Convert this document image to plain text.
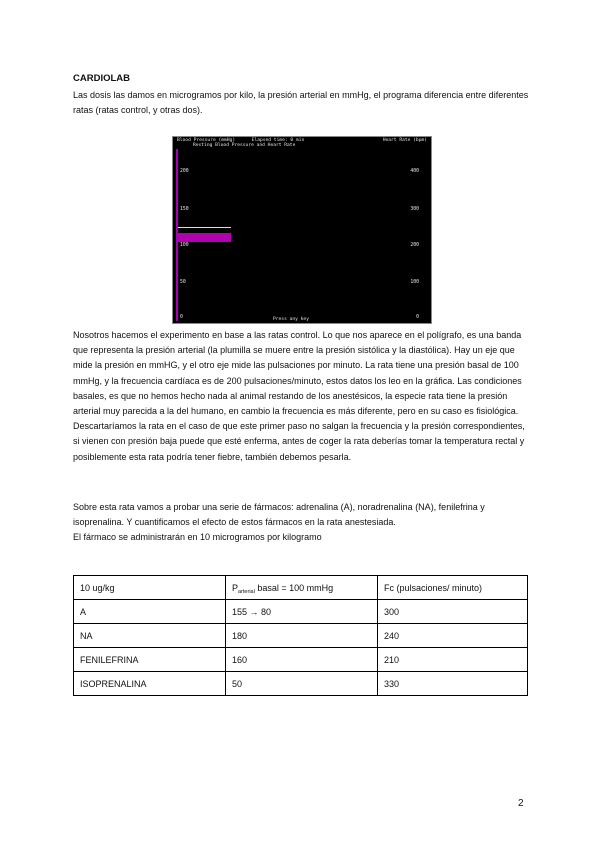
CARDIOLAB
Las dosis las damos en microgramos por kilo, la presión arterial en mmHg, el programa diferencia entre diferentes ratas (ratas control, y otras dos).
Blood Pressure (mmHg)      Elapsed time: 0 min	Heart Rate (bpm)
Resting Blood Pressure and Heart Rate
200
150
100
50
0
400
300
200
100
0
Press any key
Nosotros hacemos el experimento en base a las ratas control. Lo que nos aparece en el polígrafo, es una banda que representa la presión arterial (la plumilla se muere entre la presión sistólica y la diastólica). Hay un eje que mide la presión en mmHG, y el otro eje mide las pulsaciones por minuto. La rata tiene una presión basal de 100 mmHg, y la frecuencia cardíaca es de 200 pulsaciones/minuto, estos datos los leo en la gráfica. Las condiciones basales, es que no hemos hecho nada al animal restando de los anestésicos, la especie rata tiene la presión arterial muy parecida a la del humano, en cambio la frecuencia es más diferente, pero en su caso es fisiológica. Descartaríamos la rata en el caso de que este primer paso no salgan la frecuencia y la presión correspondientes, si vienen con presión baja puede que esté enferma, antes de coger la rata deberías tomar la temperatura rectal y posiblemente esta rata podría tener fiebre, también debemos pesarla.
Sobre esta rata vamos a probar una serie de fármacos: adrenalina (A), noradrenalina (NA), fenilefrina y isoprenalina. Y cuantificamos el efecto de estos fármacos en la rata anestesiada.
El fármaco se administrarán en 10 microgramos por kilogramo
10 ug/kg	$P_{arterial}$ basal = 100 mmHg	Fc (pulsaciones/ minuto)
A	155 → 80	300
NA	180	240
FENILEFRINA	160	210
ISOPRENALINA	50	330
2
